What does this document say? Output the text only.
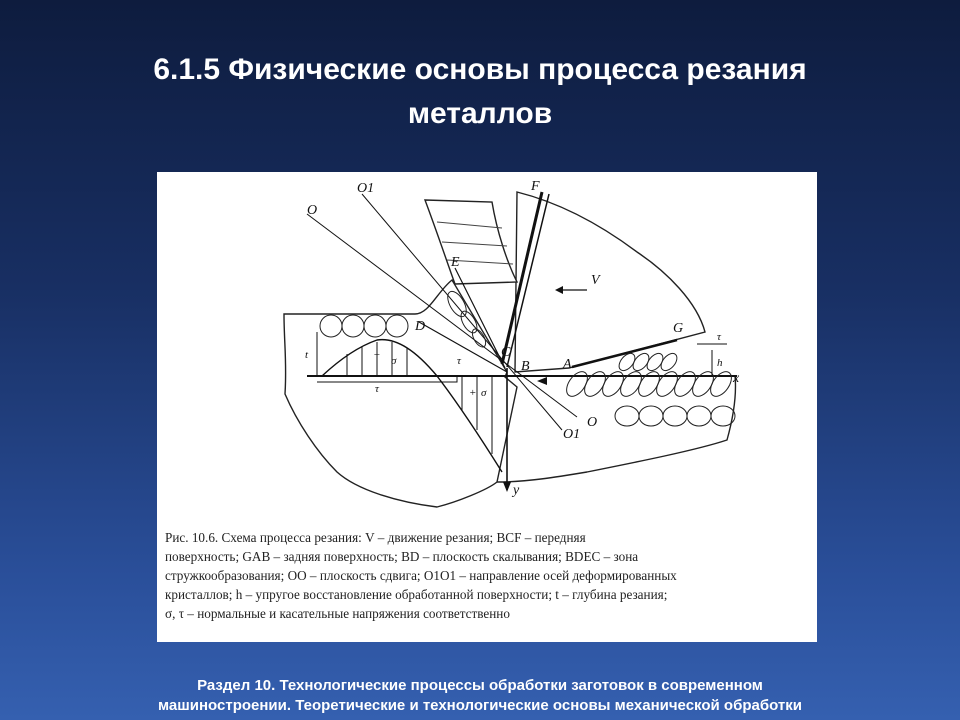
6.1.5 Физические основы процесса резания
металлов
O
O1	F
E
V
D	G
C
B A
τ
h
x
y
O1
O
σ
σ
τ
τ
t
+
−
Рис. 10.6. Схема процесса резания: V – движение резания; BCF – передняя
поверхность; GAB – задняя поверхность; BD – плоскость скалывания; BDEC – зона
стружкообразования; OO – плоскость сдвига; O1O1 – направление осей деформированных
кристаллов; h – упругое восстановление обработанной поверхности; t – глубина резания;
σ, τ – нормальные и касательные напряжения соответственно
Раздел 10. Технологические процессы обработки заготовок в современном
машиностроении. Теоретические и технологические основы механической обработки
